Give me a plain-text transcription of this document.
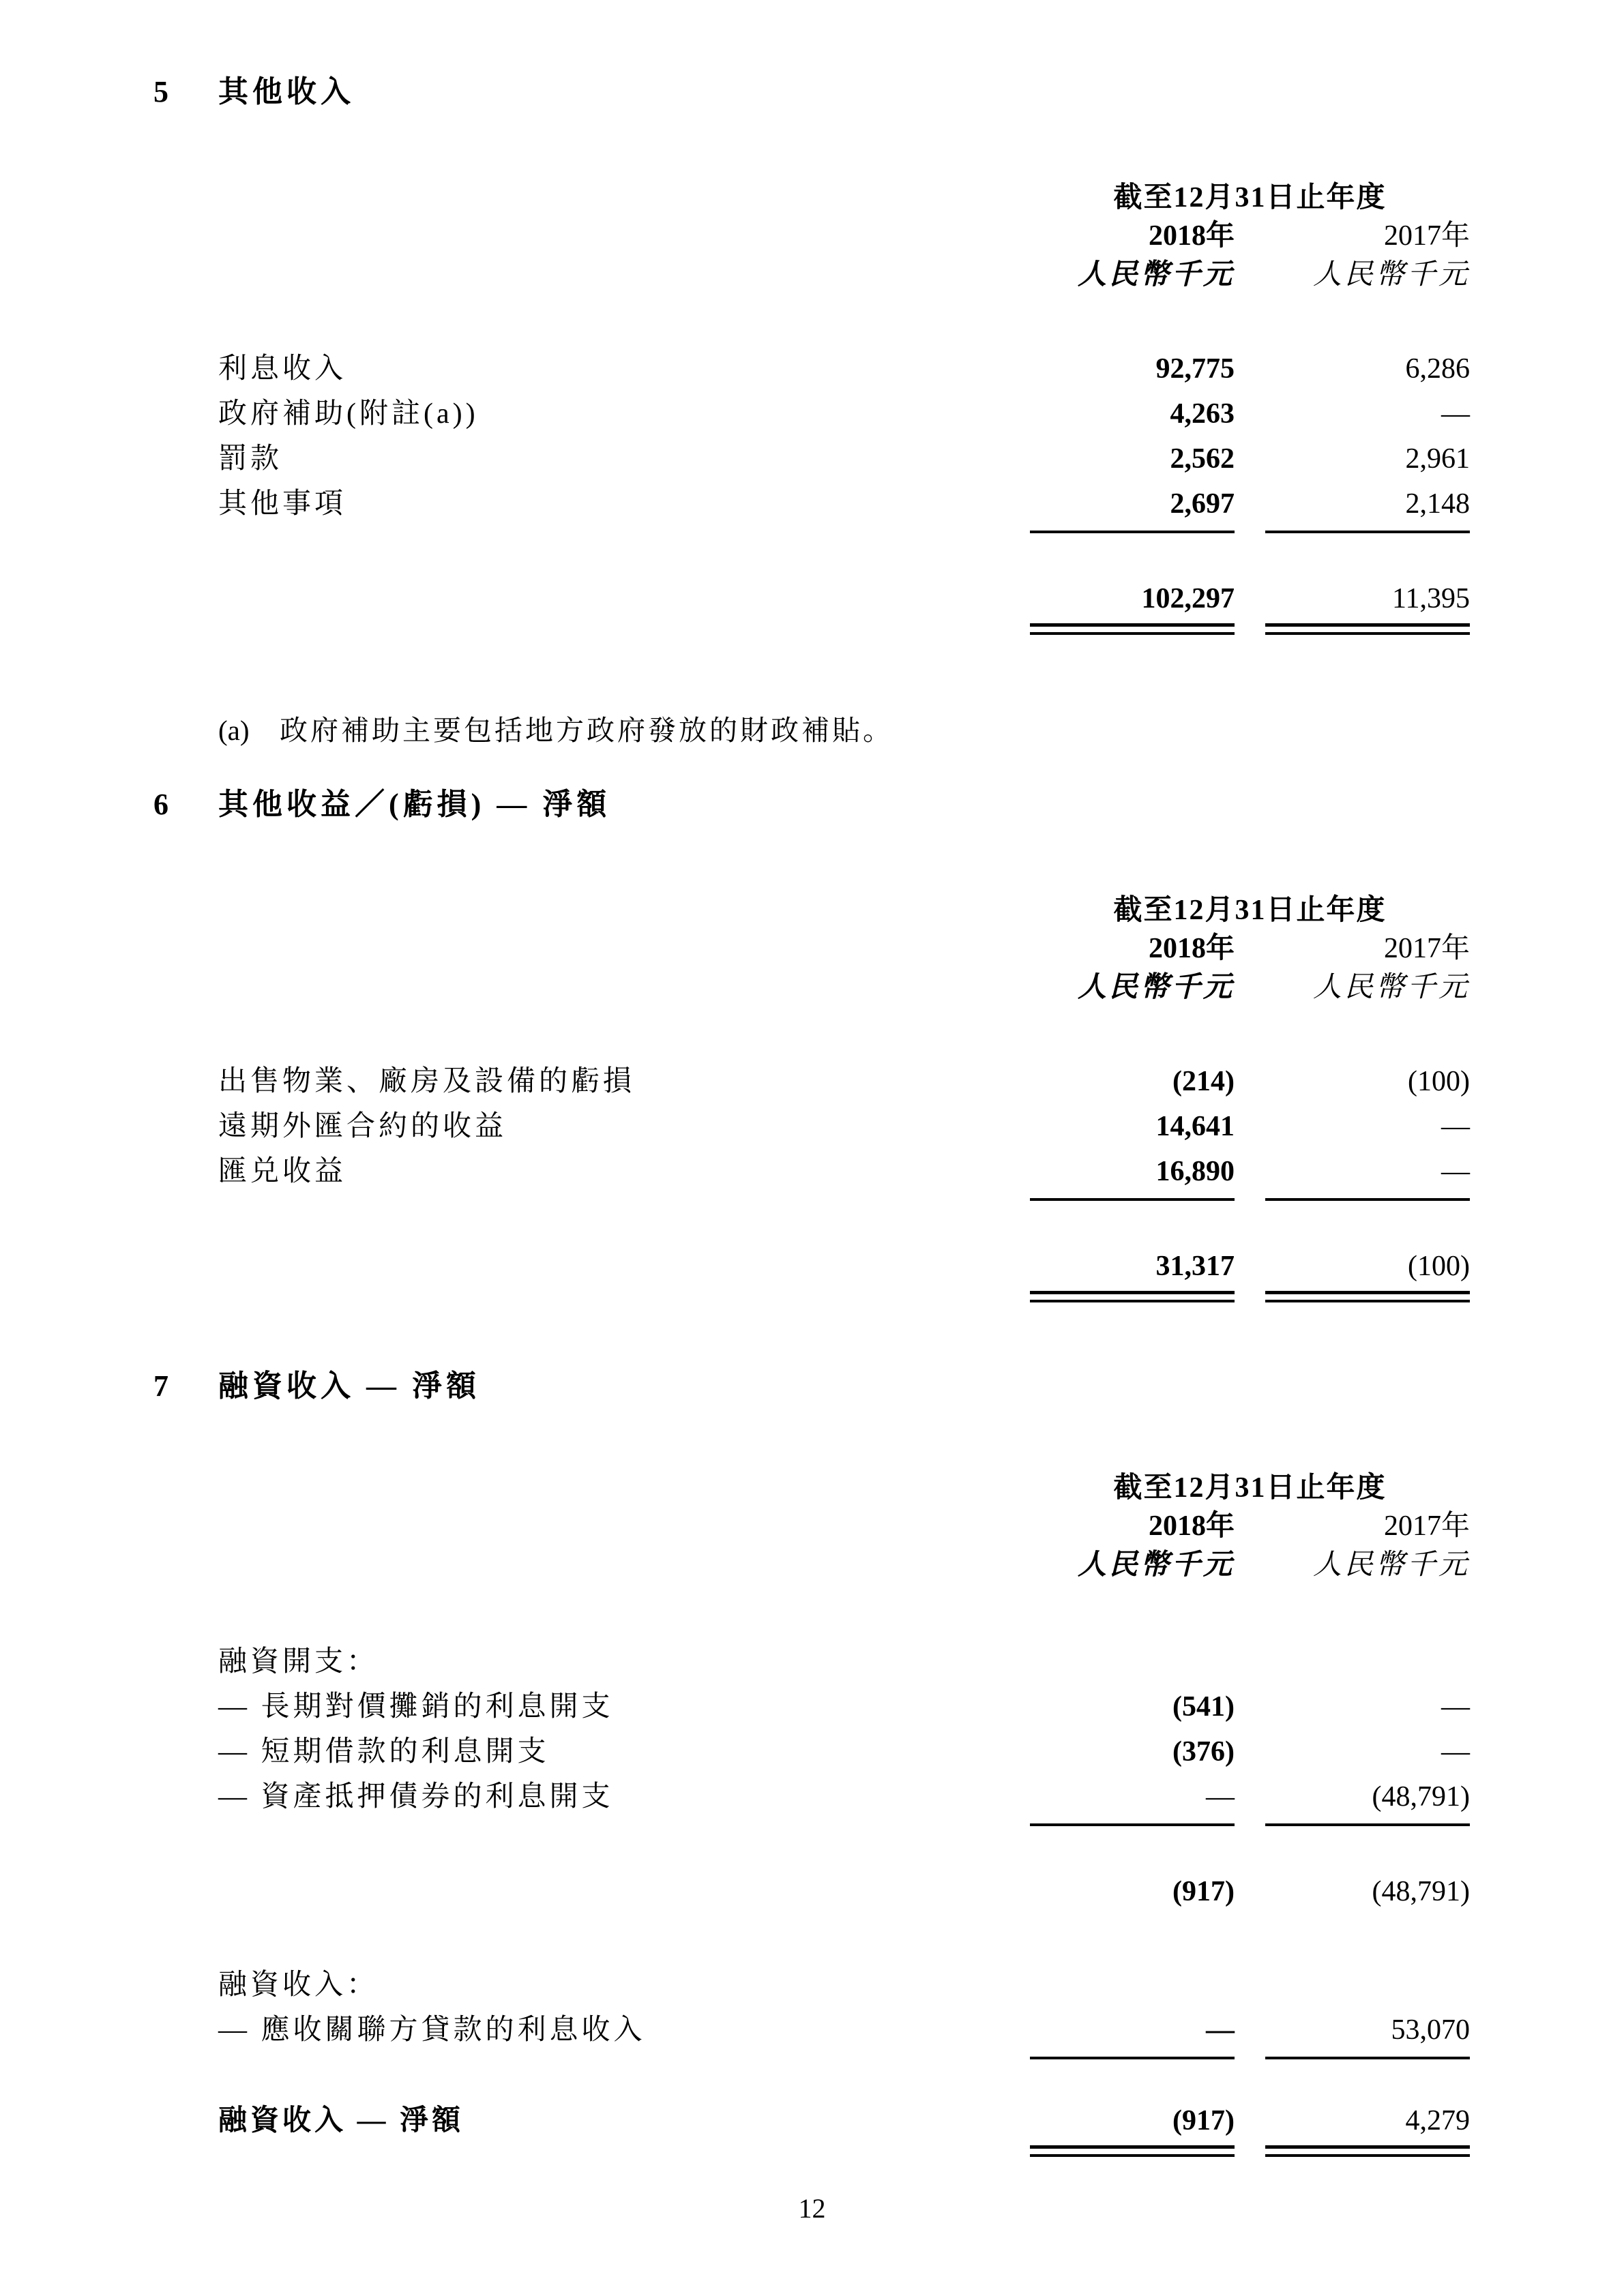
5	其他收入
截至12月31日止年度
2018年	2017年
人民幣千元	人民幣千元
利息收入	92,775	6,286
政府補助(附註(a))	4,263	—
罰款	2,562	2,961
其他事項	2,697	2,148
102,297	11,395
(a)	政府補助主要包括地方政府發放的財政補貼。
6	其他收益／(虧損) — 淨額
截至12月31日止年度
2018年	2017年
人民幣千元	人民幣千元
出售物業、廠房及設備的虧損	(214)	(100)
遠期外匯合約的收益	14,641	—
匯兑收益	16,890	—
31,317	(100)
7	融資收入 — 淨額
截至12月31日止年度
2018年	2017年
人民幣千元	人民幣千元
融資開支：
— 長期對價攤銷的利息開支	(541)	—
— 短期借款的利息開支	(376)	—
— 資產抵押債券的利息開支	—	(48,791)
(917)	(48,791)
融資收入：
— 應收關聯方貸款的利息收入	—	53,070
融資收入 — 淨額	(917)	4,279
12
